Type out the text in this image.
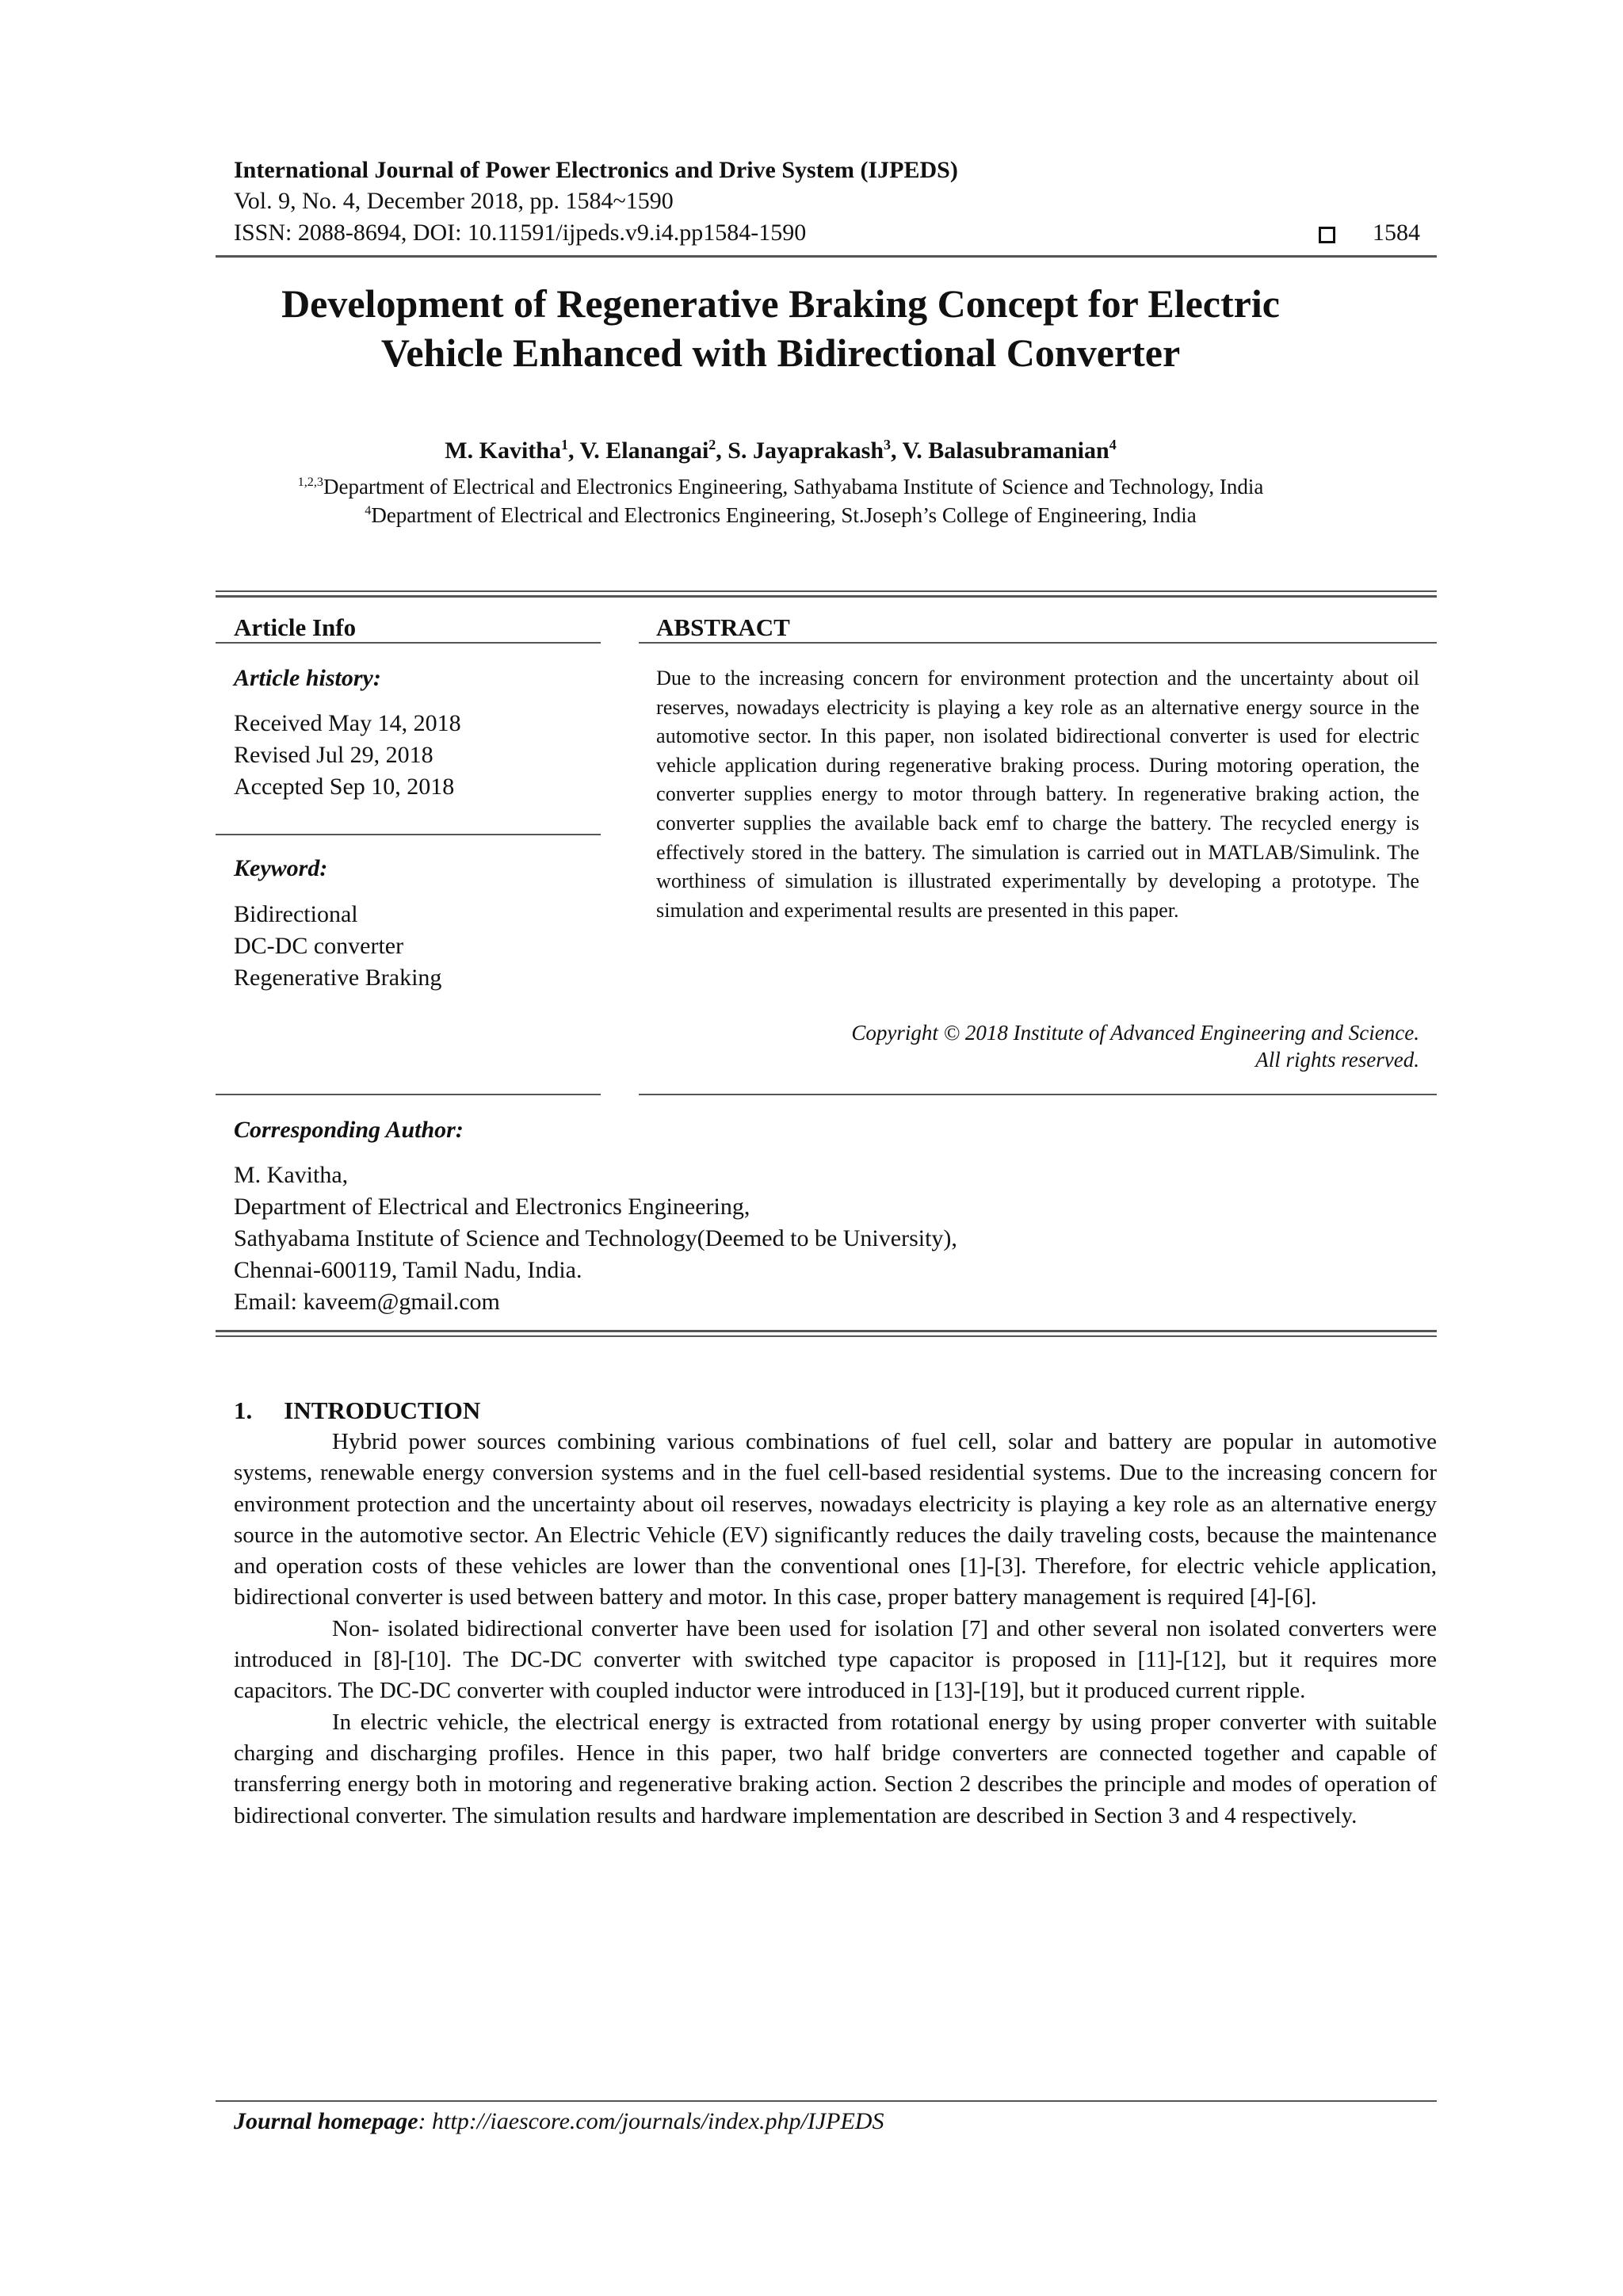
International Journal of Power Electronics and Drive System (IJPEDS)
Vol. 9, No. 4, December 2018, pp. 1584~1590
ISSN: 2088-8694, DOI: 10.11591/ijpeds.v9.i4.pp1584-1590	1584
Development of Regenerative Braking Concept for Electric
Vehicle Enhanced with Bidirectional Converter
M. Kavitha$^1$, V. Elanangai$^2$, S. Jayaprakash$^3$, V. Balasubramanian$^4$
$^{1,2,3}$Department of Electrical and Electronics Engineering, Sathyabama Institute of Science and Technology, India
$^4$Department of Electrical and Electronics Engineering, St.Joseph’s College of Engineering, India
Article Info
Article history:
Received May 14, 2018
Revised Jul 29, 2018
Accepted Sep 10, 2018
Keyword:
Bidirectional
DC-DC converter
Regenerative Braking
ABSTRACT
Due to the increasing concern for environment protection and the uncertainty about oil reserves, nowadays electricity is playing a key role as an alternative energy source in the automotive sector. In this paper, non isolated bidirectional converter is used for electric vehicle application during regenerative braking process. During motoring operation, the converter supplies energy to motor through battery. In regenerative braking action, the converter supplies the available back emf to charge the battery. The recycled energy is effectively stored in the battery. The simulation is carried out in MATLAB/Simulink. The worthiness of simulation is illustrated experimentally by developing a prototype. The simulation and experimental results are presented in this paper.
Copyright © 2018 Institute of Advanced Engineering and Science.
All rights reserved.
Corresponding Author:
M. Kavitha,
Department of Electrical and Electronics Engineering,
Sathyabama Institute of Science and Technology(Deemed to be University),
Chennai-600119, Tamil Nadu, India.
Email: kaveem@gmail.com
1. INTRODUCTION

Hybrid power sources combining various combinations of fuel cell, solar and battery are popular in automotive systems, renewable energy conversion systems and in the fuel cell-based residential systems. Due to the increasing concern for environment protection and the uncertainty about oil reserves, nowadays electricity is playing a key role as an alternative energy source in the automotive sector. An Electric Vehicle (EV) significantly reduces the daily traveling costs, because the maintenance and operation costs of these vehicles are lower than the conventional ones [1]-[3]. Therefore, for electric vehicle application, bidirectional converter is used between battery and motor. In this case, proper battery management is required [4]-[6].

Non- isolated bidirectional converter have been used for isolation [7] and other several non isolated converters were introduced in [8]-[10]. The DC-DC converter with switched type capacitor is proposed in [11]-[12], but it requires more capacitors. The DC-DC converter with coupled inductor were introduced in [13]-[19], but it produced current ripple.

In electric vehicle, the electrical energy is extracted from rotational energy by using proper converter with suitable charging and discharging profiles. Hence in this paper, two half bridge converters are connected together and capable of transferring energy both in motoring and regenerative braking action. Section 2 describes the principle and modes of operation of bidirectional converter. The simulation results and hardware implementation are described in Section 3 and 4 respectively.

Journal homepage: http://iaescore.com/journals/index.php/IJPEDS
